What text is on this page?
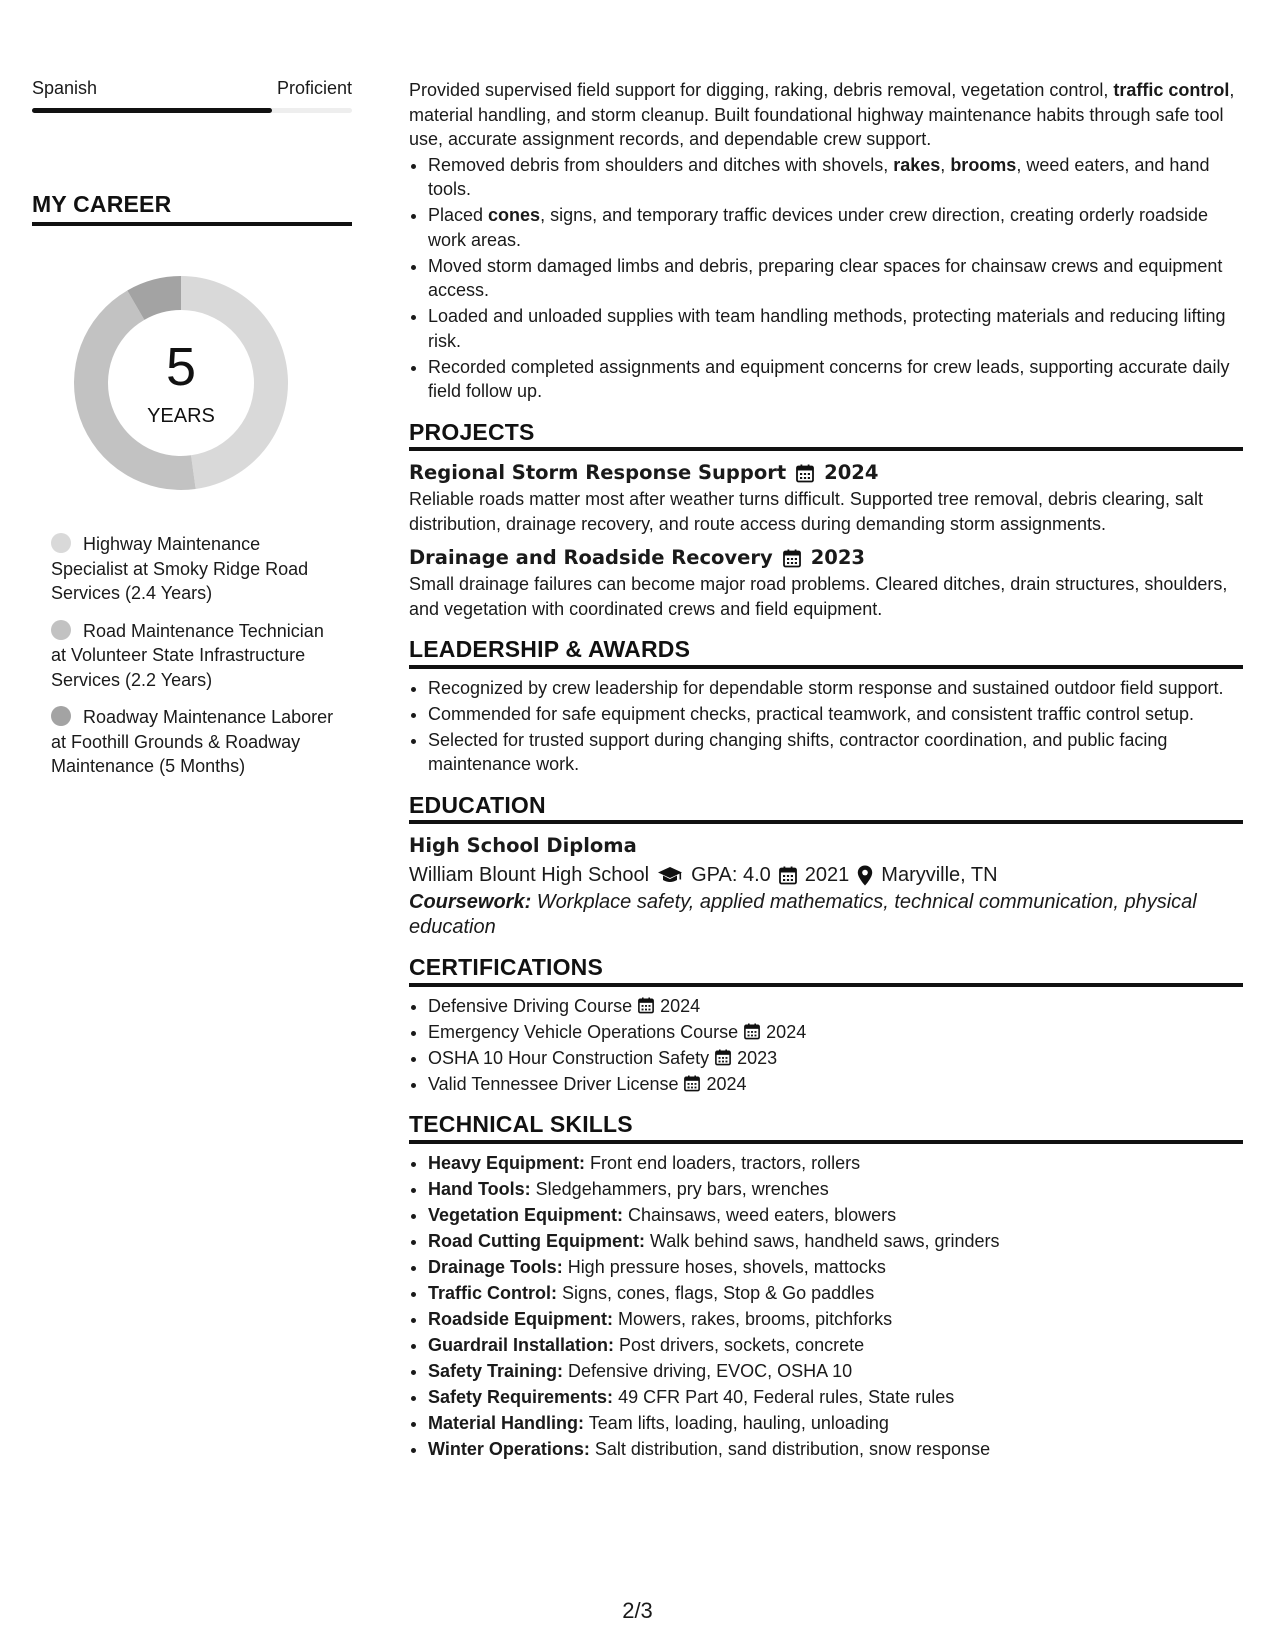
Spanish	Proficient
MY CAREER
5
YEARS
Highway Maintenance Specialist at Smoky Ridge Road Services (2.4 Years)
Road Maintenance Technician at Volunteer State Infrastructure Services (2.2 Years)
Roadway Maintenance Laborer at Foothill Grounds & Roadway Maintenance (5 Months)

Provided supervised field support for digging, raking, debris removal, vegetation control, traffic control, material handling, and storm cleanup. Built foundational highway maintenance habits through safe tool use, accurate assignment records, and dependable crew support.

• Removed debris from shoulders and ditches with shovels, rakes, brooms, weed eaters, and hand tools.
• Placed cones, signs, and temporary traffic devices under crew direction, creating orderly roadside work areas.
• Moved storm damaged limbs and debris, preparing clear spaces for chainsaw crews and equipment access.
• Loaded and unloaded supplies with team handling methods, protecting materials and reducing lifting risk.
• Recorded completed assignments and equipment concerns for crew leads, supporting accurate daily field follow up.
PROJECTS
Regional Storm Response Support 2024

Reliable roads matter most after weather turns difficult. Supported tree removal, debris clearing, salt distribution, drainage recovery, and route access during demanding storm assignments.

Drainage and Roadside Recovery 2023

Small drainage failures can become major road problems. Cleared ditches, drain structures, shoulders, and vegetation with coordinated crews and field equipment.

LEADERSHIP & AWARDS
• Recognized by crew leadership for dependable storm response and sustained outdoor field support.
• Commended for safe equipment checks, practical teamwork, and consistent traffic control setup.
• Selected for trusted support during changing shifts, contractor coordination, and public facing maintenance work.
EDUCATION
High School Diploma
William Blount High School GPA: 4.0 2021 Maryville, TN

Coursework: Workplace safety, applied mathematics, technical communication, physical education

CERTIFICATIONS
• Defensive Driving Course 2024
• Emergency Vehicle Operations Course 2024
• OSHA 10 Hour Construction Safety 2023
• Valid Tennessee Driver License 2024
TECHNICAL SKILLS
• Heavy Equipment: Front end loaders, tractors, rollers
• Hand Tools: Sledgehammers, pry bars, wrenches
• Vegetation Equipment: Chainsaws, weed eaters, blowers
• Road Cutting Equipment: Walk behind saws, handheld saws, grinders
• Drainage Tools: High pressure hoses, shovels, mattocks
• Traffic Control: Signs, cones, flags, Stop & Go paddles
• Roadside Equipment: Mowers, rakes, brooms, pitchforks
• Guardrail Installation: Post drivers, sockets, concrete
• Safety Training: Defensive driving, EVOC, OSHA 10
• Safety Requirements: 49 CFR Part 40, Federal rules, State rules
• Material Handling: Team lifts, loading, hauling, unloading
• Winter Operations: Salt distribution, sand distribution, snow response
2/3
